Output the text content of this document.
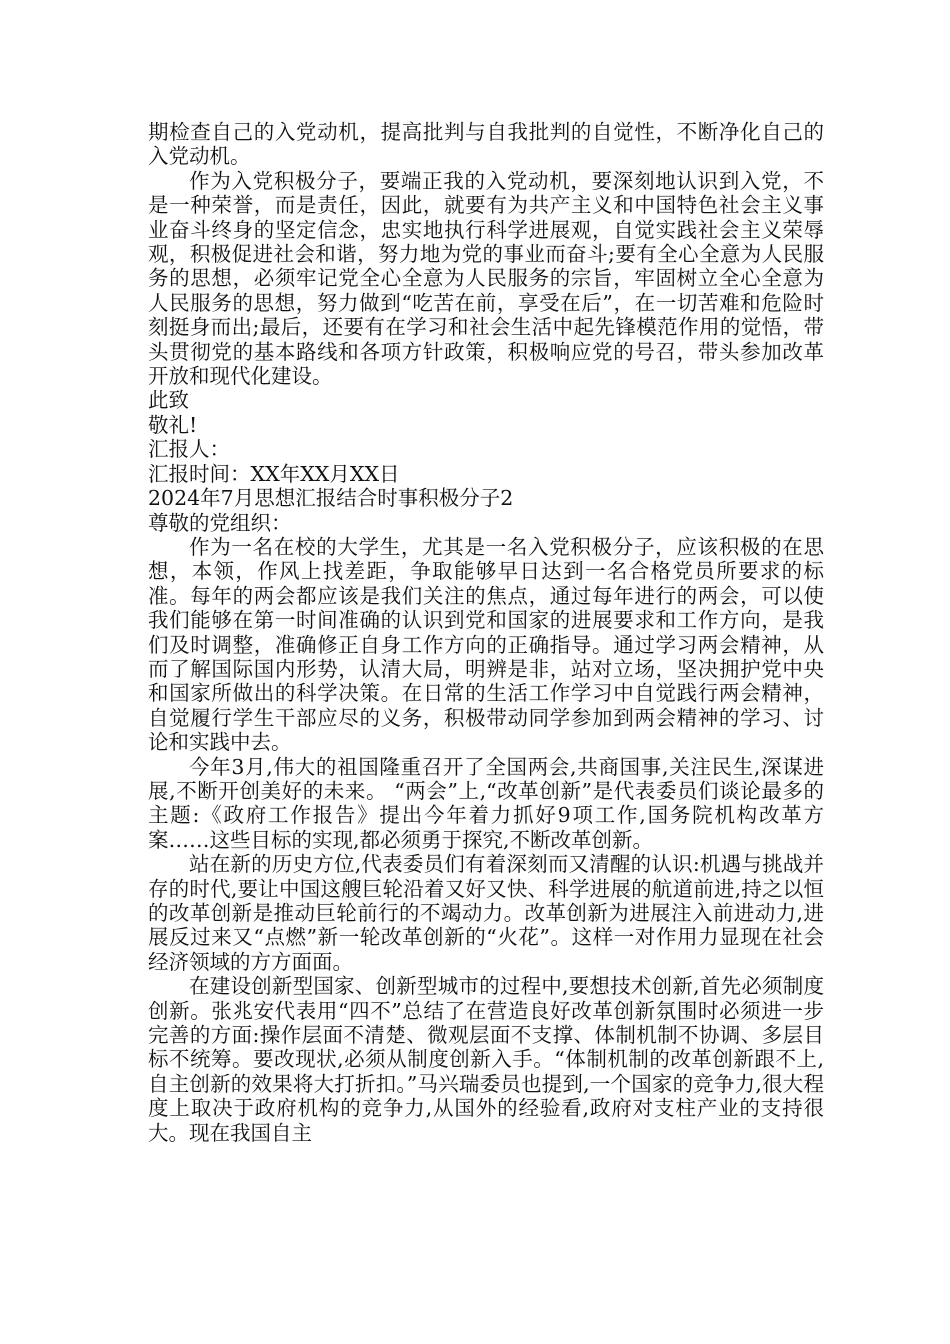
期检查自己的入党动机，提高批判与自我批判的自觉性，不断净化自己的入党动机。

作为入党积极分子，要端正我的入党动机，要深刻地认识到入党，不是一种荣誉，而是责任，因此，就要有为共产主义和中国特色社会主义事业奋斗终身的坚定信念，忠实地执行科学进展观，自觉实践社会主义荣辱观，积极促进社会和谐，努力地为党的事业而奋斗;要有全心全意为人民服务的思想，必须牢记党全心全意为人民服务的宗旨，牢固树立全心全意为人民服务的思想，努力做到“吃苦在前，享受在后”，在一切苦难和危险时刻挺身而出;最后，还要有在学习和社会生活中起先锋模范作用的觉悟，带头贯彻党的基本路线和各项方针政策，积极响应党的号召，带头参加改革开放和现代化建设。

此致

敬礼!

汇报人：

汇报时间：XX年XX月XX日

2024年7月思想汇报结合时事积极分子2

尊敬的党组织：

作为一名在校的大学生，尤其是一名入党积极分子，应该积极的在思想，本领，作风上找差距，争取能够早日达到一名合格党员所要求的标准。每年的两会都应该是我们关注的焦点，通过每年进行的两会，可以使我们能够在第一时间准确的认识到党和国家的进展要求和工作方向，是我们及时调整，准确修正自身工作方向的正确指导。通过学习两会精神，从而了解国际国内形势，认清大局，明辨是非，站对立场，坚决拥护党中央和国家所做出的科学决策。在日常的生活工作学习中自觉践行两会精神，自觉履行学生干部应尽的义务，积极带动同学参加到两会精神的学习、讨论和实践中去。

今年3月,伟大的祖国隆重召开了全国两会,共商国事,关注民生,深谋进展,不断开创美好的未来。 “两会”上,“改革创新”是代表委员们谈论最多的主题:《政府工作报告》提出今年着力抓好9项工作,国务院机构改革方案……这些目标的实现,都必须勇于探究,不断改革创新。

站在新的历史方位,代表委员们有着深刻而又清醒的认识:机遇与挑战并存的时代,要让中国这艘巨轮沿着又好又快、科学进展的航道前进,持之以恒的改革创新是推动巨轮前行的不竭动力。改革创新为进展注入前进动力,进展反过来又“点燃”新一轮改革创新的“火花”。这样一对作用力显现在社会经济领域的方方面面。

在建设创新型国家、创新型城市的过程中,要想技术创新,首先必须制度创新。张兆安代表用“四不”总结了在营造良好改革创新氛围时必须进一步完善的方面:操作层面不清楚、微观层面不支撑、体制机制不协调、多层目标不统筹。要改现状,必须从制度创新入手。“体制机制的改革创新跟不上,自主创新的效果将大打折扣。”马兴瑞委员也提到,一个国家的竞争力,很大程度上取决于政府机构的竞争力,从国外的经验看,政府对支柱产业的支持很大。现在我国自主
